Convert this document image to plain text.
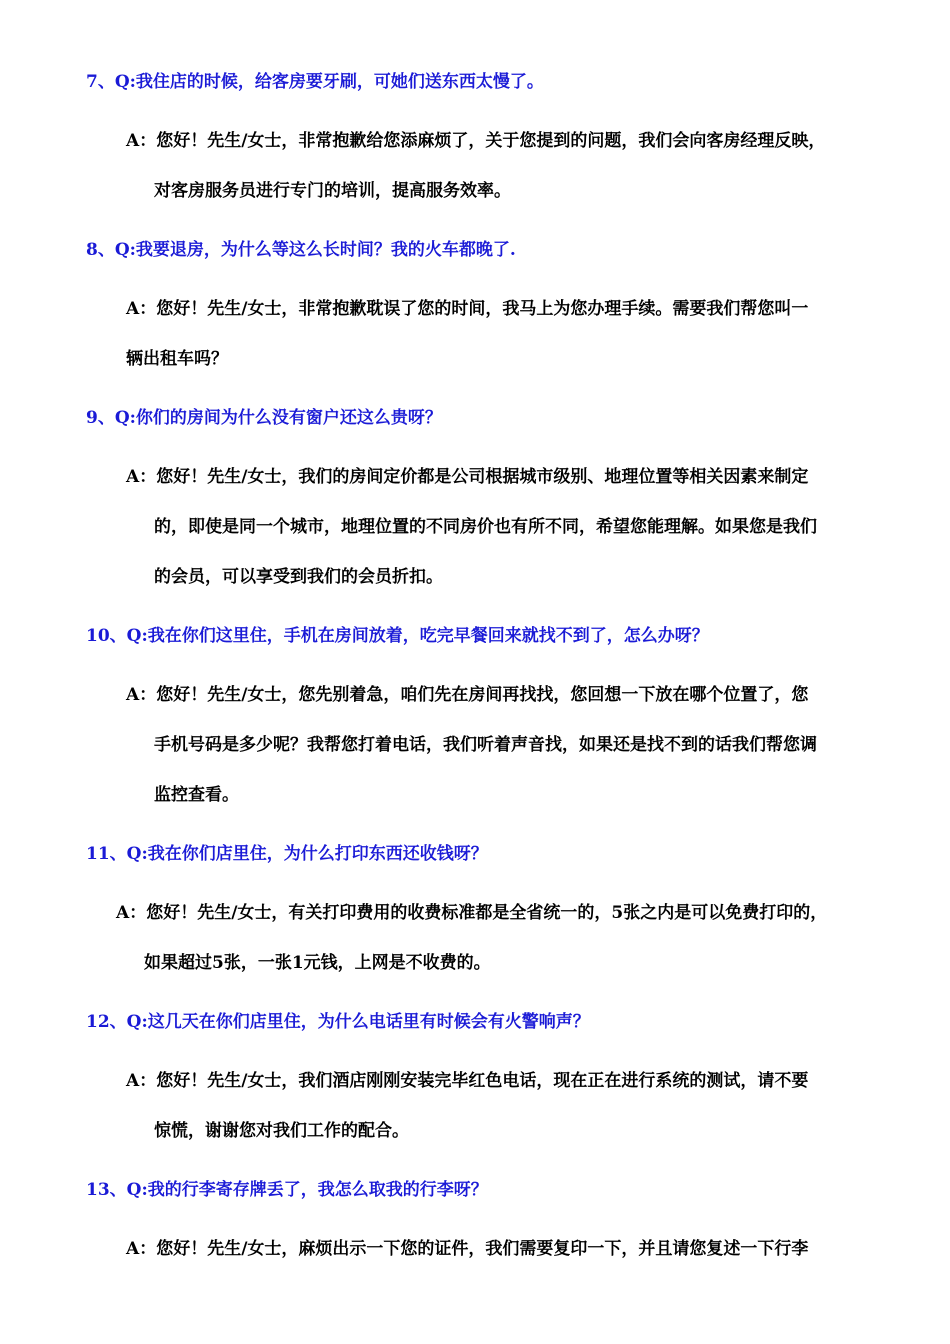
7、Q:我住店的时候，给客房要牙刷，可她们送东西太慢了。
A：您好！先生/女士，非常抱歉给您添麻烦了，关于您提到的问题，我们会向客房经理反映，
对客房服务员进行专门的培训，提高服务效率。
8、Q:我要退房，为什么等这么长时间？我的火车都晚了.
A：您好！先生/女士，非常抱歉耽误了您的时间，我马上为您办理手续。需要我们帮您叫一
辆出租车吗？
9、Q:你们的房间为什么没有窗户还这么贵呀？
A：您好！先生/女士，我们的房间定价都是公司根据城市级别、地理位置等相关因素来制定
的，即使是同一个城市，地理位置的不同房价也有所不同，希望您能理解。如果您是我们
的会员，可以享受到我们的会员折扣。
10、Q:我在你们这里住，手机在房间放着，吃完早餐回来就找不到了，怎么办呀？
A：您好！先生/女士，您先别着急，咱们先在房间再找找，您回想一下放在哪个位置了，您
手机号码是多少呢？我帮您打着电话，我们听着声音找，如果还是找不到的话我们帮您调
监控查看。
11、Q:我在你们店里住，为什么打印东西还收钱呀？
A：您好！先生/女士，有关打印费用的收费标准都是全省统一的，5张之内是可以免费打印的，
如果超过5张，一张1元钱，上网是不收费的。
12、Q:这几天在你们店里住，为什么电话里有时候会有火警响声？
A：您好！先生/女士，我们酒店刚刚安装完毕红色电话，现在正在进行系统的测试，请不要
惊慌，谢谢您对我们工作的配合。
13、Q:我的行李寄存牌丢了，我怎么取我的行李呀？
A：您好！先生/女士，麻烦出示一下您的证件，我们需要复印一下，并且请您复述一下行李
